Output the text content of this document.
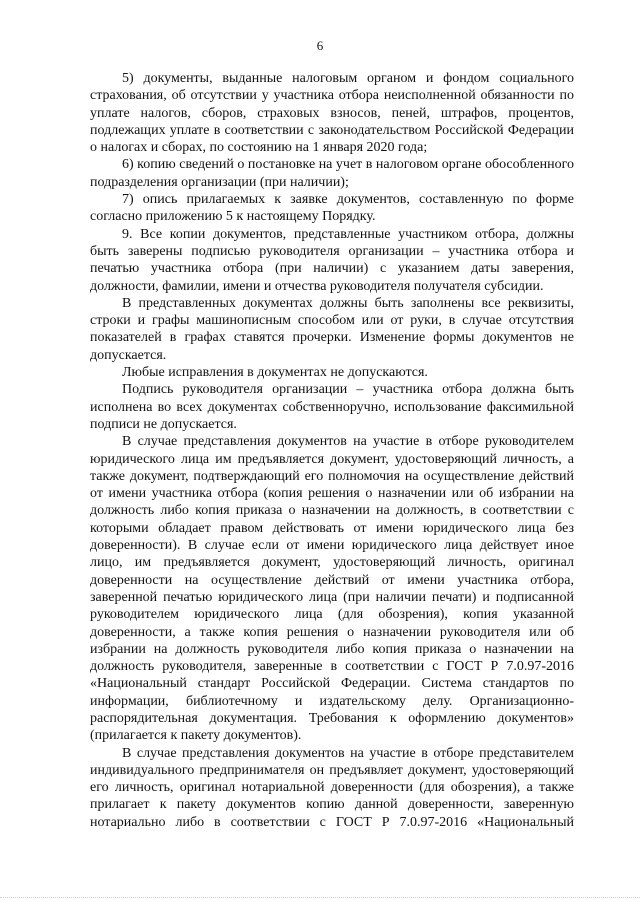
6

5) документы, выданные налоговым органом и фондом социального страхования, об отсутствии у участника отбора неисполненной обязанности по уплате налогов, сборов, страховых взносов, пеней, штрафов, процентов, подлежащих уплате в соответствии с законодательством Российской Федерации о налогах и сборах, по состоянию на 1 января 2020 года;

6) копию сведений о постановке на учет в налоговом органе обособленного подразделения организации (при наличии);

7) опись прилагаемых к заявке документов, составленную по форме согласно приложению 5 к настоящему Порядку.

9. Все копии документов, представленные участником отбора, должны быть заверены подписью руководителя организации – участника отбора и печатью участника отбора (при наличии) с указанием даты заверения, должности, фамилии, имени и отчества руководителя получателя субсидии.

В представленных документах должны быть заполнены все реквизиты, строки и графы машинописным способом или от руки, в случае отсутствия показателей в графах ставятся прочерки. Изменение формы документов не допускается.

Любые исправления в документах не допускаются.

Подпись руководителя организации – участника отбора должна быть исполнена во всех документах собственноручно, использование факсимильной подписи не допускается.

В случае представления документов на участие в отборе руководителем юридического лица им предъявляется документ, удостоверяющий личность, а также документ, подтверждающий его полномочия на осуществление действий от имени участника отбора (копия решения о назначении или об избрании на должность либо копия приказа о назначении на должность, в соответствии с которыми обладает правом действовать от имени юридического лица без доверенности). В случае если от имени юридического лица действует иное лицо, им предъявляется документ, удостоверяющий личность, оригинал доверенности на осуществление действий от имени участника отбора, заверенной печатью юридического лица (при наличии печати) и подписанной руководителем юридического лица (для обозрения), копия указанной доверенности, а также копия решения о назначении руководителя или об избрании на должность руководителя либо копия приказа о назначении на должность руководителя, заверенные в соответствии с ГОСТ Р 7.0.97-2016 «Национальный стандарт Российской Федерации. Система стандартов по информации, библиотечному и издательскому делу. Организационно-распорядительная документация. Требования к оформлению документов» (прилагается к пакету документов).

В случае представления документов на участие в отборе представителем индивидуального предпринимателя он предъявляет документ, удостоверяющий его личность, оригинал нотариальной доверенности (для обозрения), а также прилагает к пакету документов копию данной доверенности, заверенную нотариально либо в соответствии с ГОСТ Р 7.0.97-2016 «Национальный
